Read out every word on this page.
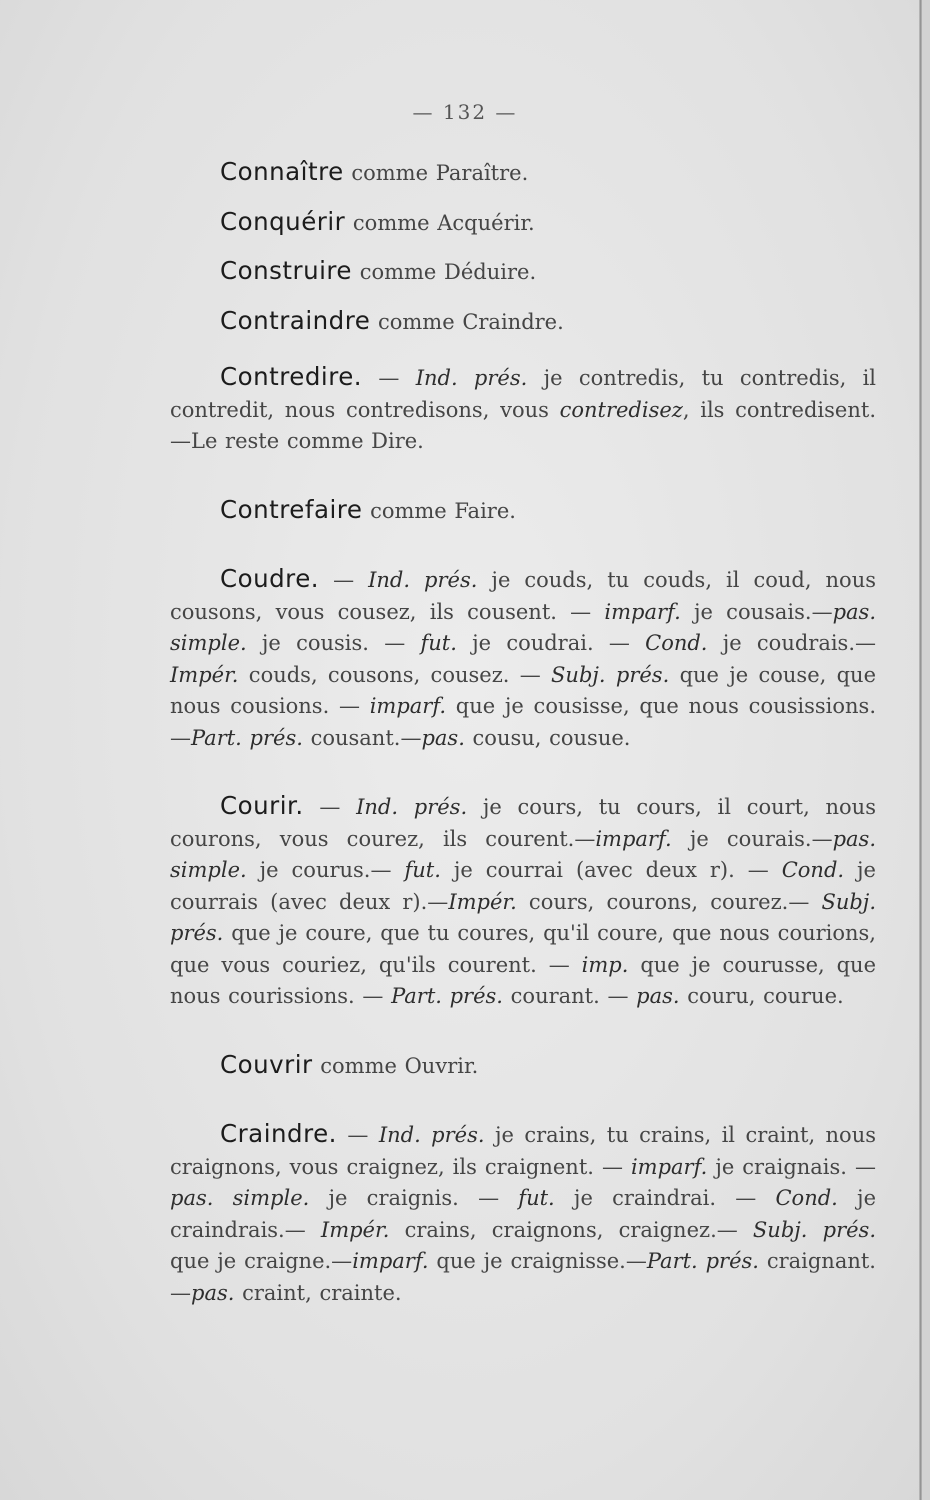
— 132 —
Connaître comme Paraître.
Conquérir comme Acquérir.
Construire comme Déduire.
Contraindre comme Craindre.
Contredire. — Ind. prés. je contredis, tu contredis, il contredit, nous contredisons, vous contredisez, ils contredisent.—Le reste comme Dire.
Contrefaire comme Faire.
Coudre. — Ind. prés. je couds, tu couds, il coud, nous cousons, vous cousez, ils cousent. — imparf. je cousais.—pas. simple. je cousis. — fut. je coudrai. — Cond. je coudrais.— Impér. couds, cousons, cousez. — Subj. prés. que je couse, que nous cousions. — imparf. que je cousisse, que nous cousissions.—Part. prés. cousant.—pas. cousu, cousue.
Courir. — Ind. prés. je cours, tu cours, il court, nous courons, vous courez, ils courent.—imparf. je courais.—pas. simple. je courus.— fut. je courrai (avec deux r). — Cond. je courrais (avec deux r).—Impér. cours, courons, courez.— Subj. prés. que je coure, que tu coures, qu'il coure, que nous courions, que vous couriez, qu'ils courent. — imp. que je courusse, que nous courissions. — Part. prés. courant. — pas. couru, courue.
Couvrir comme Ouvrir.
Craindre. — Ind. prés. je crains, tu crains, il craint, nous craignons, vous craignez, ils craignent. — imparf. je craignais. — pas. simple. je craignis. — fut. je craindrai. — Cond. je craindrais.— Impér. crains, craignons, craignez.— Subj. prés. que je craigne.—imparf. que je craignisse.—Part. prés. craignant.—pas. craint, crainte.
